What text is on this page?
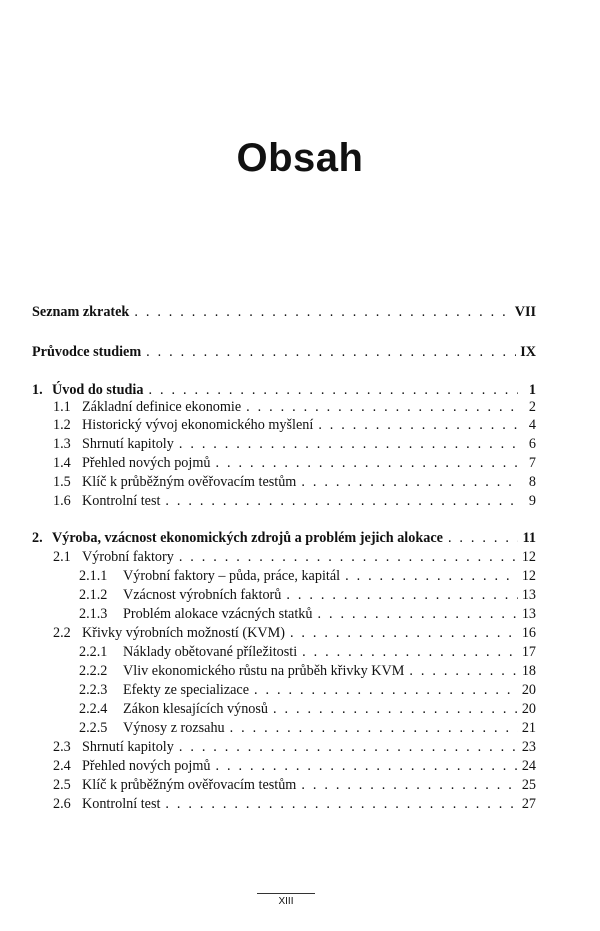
Obsah
Seznam zkratek . . .	VII
Průvodce studiem . . .	IX
1. Úvod do studia . . .	1
1.1 Základní definice ekonomie . . .	2
1.2 Historický vývoj ekonomického myšlení . . .	4
1.3 Shrnutí kapitoly . . .	6
1.4 Přehled nových pojmů . . .	7
1.5 Klíč k průběžným ověřovacím testům . . .	8
1.6 Kontrolní test . . .	9
2. Výroba, vzácnost ekonomických zdrojů a problém jejich alokace . . .	11
2.1 Výrobní faktory . . .	12
2.1.1	Výrobní faktory – půda, práce, kapitál . . .	12
2.1.2	Vzácnost výrobních faktorů . . .	13
2.1.3	Problém alokace vzácných statků . . .	13
2.2 Křivky výrobních možností (KVM) . . .	16
2.2.1	Náklady obětované příležitosti . . .	17
2.2.2	Vliv ekonomického růstu na průběh křivky KVM . . .	18
2.2.3	Efekty ze specializace . . .	20
2.2.4	Zákon klesajících výnosů . . .	20
2.2.5	Výnosy z rozsahu . . .	21
2.3 Shrnutí kapitoly . . .	23
2.4 Přehled nových pojmů . . .	24
2.5 Klíč k průběžným ověřovacím testům . . .	25
2.6 Kontrolní test . . .	27
XIII
